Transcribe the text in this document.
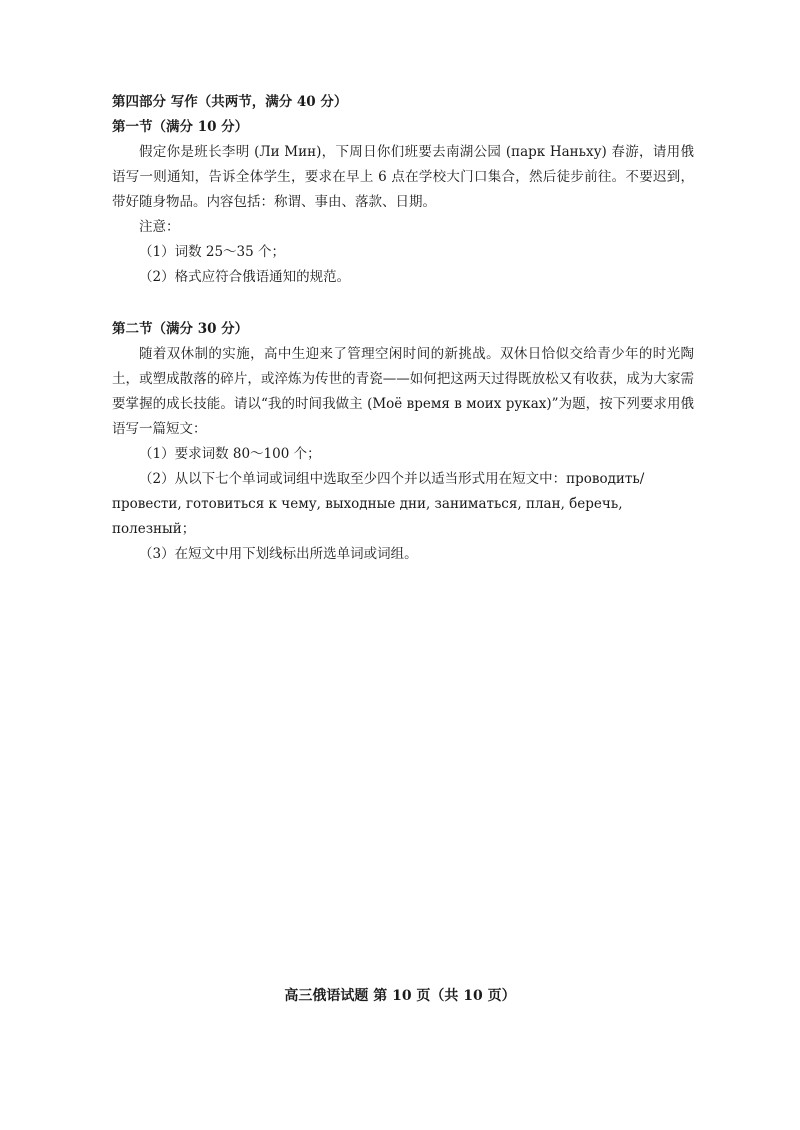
第四部分 写作（共两节，满分 40 分）

第一节（满分 10 分）

假定你是班长李明 (Ли Мин)，下周日你们班要去南湖公园 (парк Наньху) 春游，请用俄语写一则通知，告诉全体学生，要求在早上 6 点在学校大门口集合，然后徒步前往。不要迟到，带好随身物品。内容包括：称谓、事由、落款、日期。

注意：

（1）词数 25～35 个；

（2）格式应符合俄语通知的规范。

第二节（满分 30 分）

随着双休制的实施，高中生迎来了管理空闲时间的新挑战。双休日恰似交给青少年的时光陶土，或塑成散落的碎片，或淬炼为传世的青瓷——如何把这两天过得既放松又有收获，成为大家需要掌握的成长技能。请以“我的时间我做主 (Моё время в моих руках)”为题，按下列要求用俄语写一篇短文：

（1）要求词数 80～100 个；

（2）从以下七个单词或词组中选取至少四个并以适当形式用在短文中：проводить/провести, готовиться к чему, выходные дни, заниматься, план, беречь, полезный；

（3）在短文中用下划线标出所选单词或词组。

高三俄语试题 第 10 页（共 10 页）
